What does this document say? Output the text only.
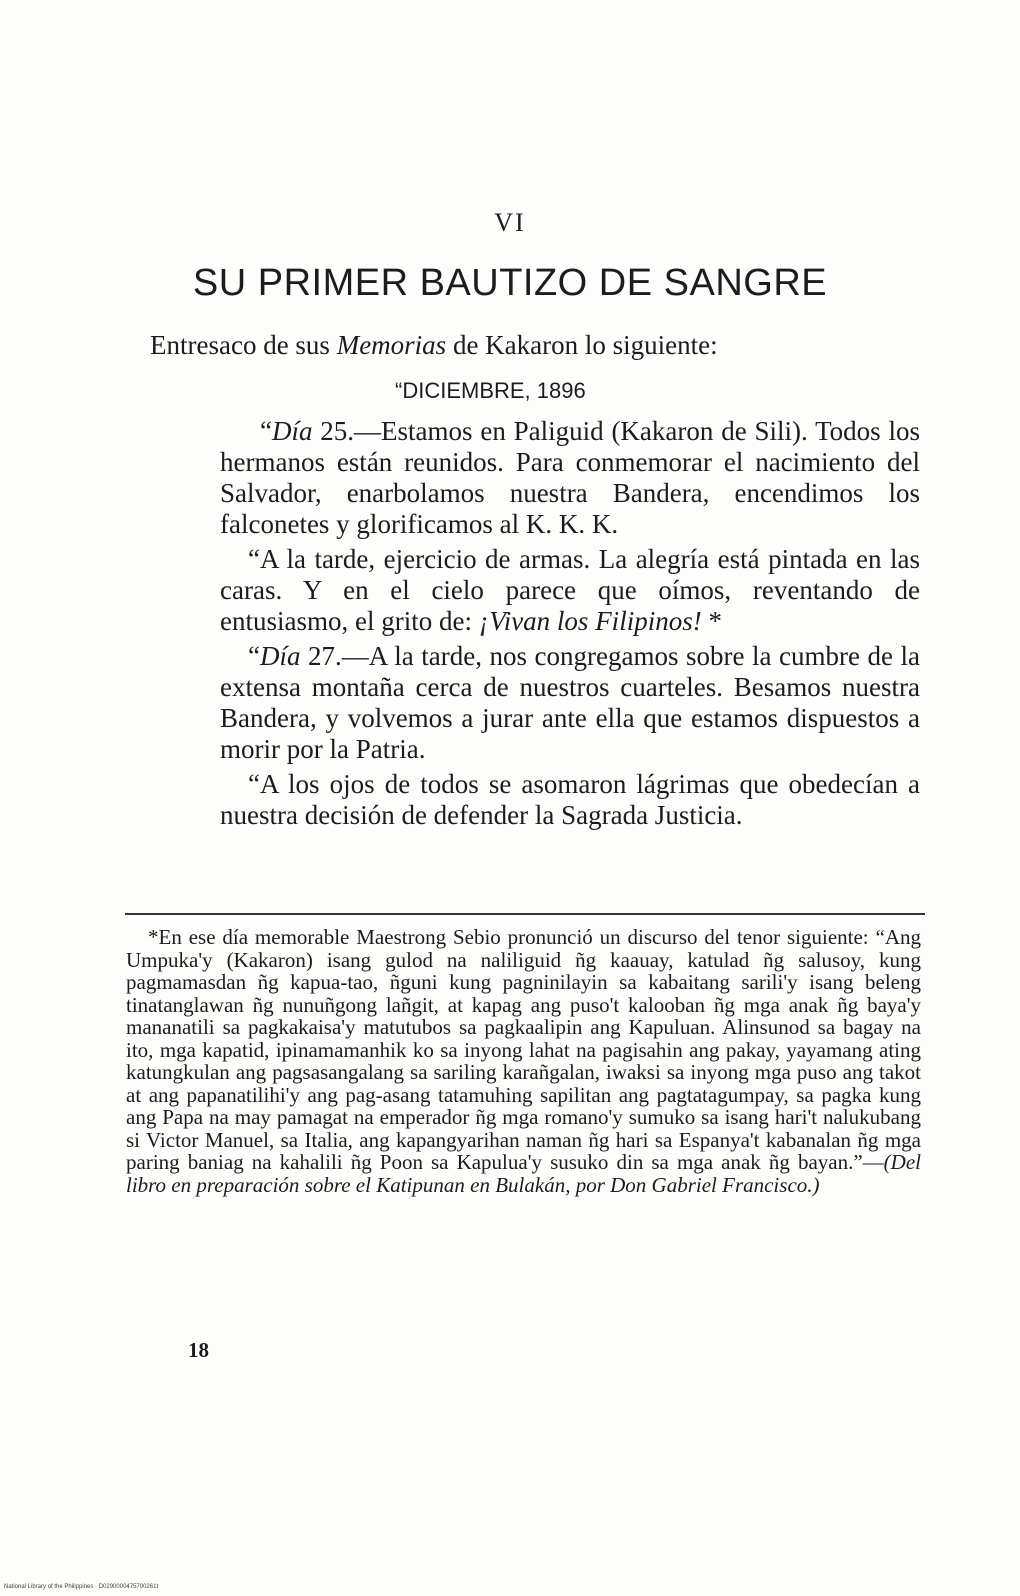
VI
SU PRIMER BAUTIZO DE SANGRE
Entresaco de sus Memorias de Kakaron lo siguiente:
“DICIEMBRE, 1896

“Día 25.—Estamos en Paliguid (Kakaron de Sili). Todos los hermanos están reunidos. Para conmemorar el nacimiento del Salvador, enarbolamos nuestra Bandera, encendimos los falconetes y glorificamos al K. K. K.

“A la tarde, ejercicio de armas. La alegría está pintada en las caras. Y en el cielo parece que oímos, reventando de entusiasmo, el grito de: ¡Vivan los Filipinos! *

“Día 27.—A la tarde, nos congregamos sobre la cumbre de la extensa montaña cerca de nuestros cuarteles. Besamos nuestra Bandera, y volvemos a jurar ante ella que estamos dispuestos a morir por la Patria.

“A los ojos de todos se asomaron lágrimas que obedecían a nuestra decisión de defender la Sagrada Justicia.

*En ese día memorable Maestrong Sebio pronunció un discurso del tenor siguiente: “Ang Umpuka'y (Kakaron) isang gulod na naliliguid ñg kaauay, katulad ñg salusoy, kung pagmamasdan ñg kapua-tao, ñguni kung pagninilayin sa kabaitang sarili'y isang beleng tinatanglawan ñg nunuñgong lañgit, at kapag ang puso't kalooban ñg mga anak ñg baya'y mananatili sa pagkakaisa'y matutubos sa pagkaalipin ang Kapuluan. Alinsunod sa bagay na ito, mga kapatid, ipinamamanhik ko sa inyong lahat na pagisahin ang pakay, yayamang ating katungkulan ang pagsasangalang sa sariling karañgalan, iwaksi sa inyong mga puso ang takot at ang papanatilihi'y ang pag-asang tatamuhing sapilitan ang pagtatagumpay, sa pagka kung ang Papa na may pamagat na emperador ñg mga romano'y sumuko sa isang hari't nalukubang si Victor Manuel, sa Italia, ang kapangyarihan naman ñg hari sa Espanya't kabanalan ñg mga paring baniag na kahalili ñg Poon sa Kapulua'y susuko din sa mga anak ñg bayan.”—(Del libro en preparación sobre el Katipunan en Bulakán, por Don Gabriel Francisco.)

18
National Library of the Philippines · D0290000475700261t
